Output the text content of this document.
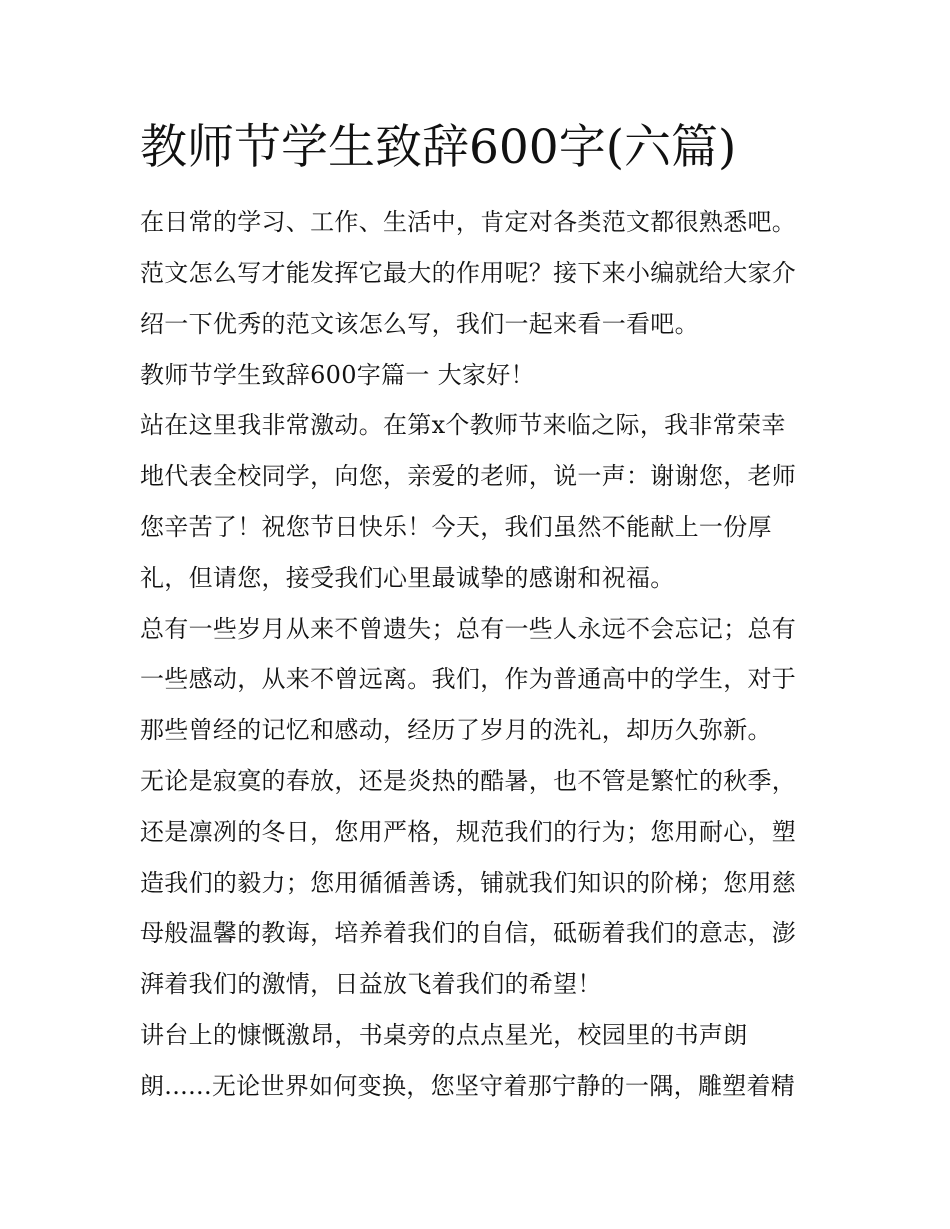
教师节学生致辞600字(六篇)

在日常的学习、工作、生活中，肯定对各类范文都很熟悉吧。

范文怎么写才能发挥它最大的作用呢？接下来小编就给大家介

绍一下优秀的范文该怎么写，我们一起来看一看吧。

教师节学生致辞600字篇一 大家好！

站在这里我非常激动。在第x个教师节来临之际，我非常荣幸

地代表全校同学，向您，亲爱的老师，说一声：谢谢您，老师

您辛苦了！祝您节日快乐！今天，我们虽然不能献上一份厚

礼，但请您，接受我们心里最诚挚的感谢和祝福。

总有一些岁月从来不曾遗失；总有一些人永远不会忘记；总有

一些感动，从来不曾远离。我们，作为普通高中的学生，对于

那些曾经的记忆和感动，经历了岁月的洗礼，却历久弥新。

无论是寂寞的春放，还是炎热的酷暑，也不管是繁忙的秋季，

还是凛冽的冬日，您用严格，规范我们的行为；您用耐心，塑

造我们的毅力；您用循循善诱，铺就我们知识的阶梯；您用慈

母般温馨的教诲，培养着我们的自信，砥砺着我们的意志，澎

湃着我们的激情，日益放飞着我们的希望！

讲台上的慷慨激昂，书桌旁的点点星光，校园里的书声朗

朗......无论世界如何变换，您坚守着那宁静的一隅，雕塑着精
